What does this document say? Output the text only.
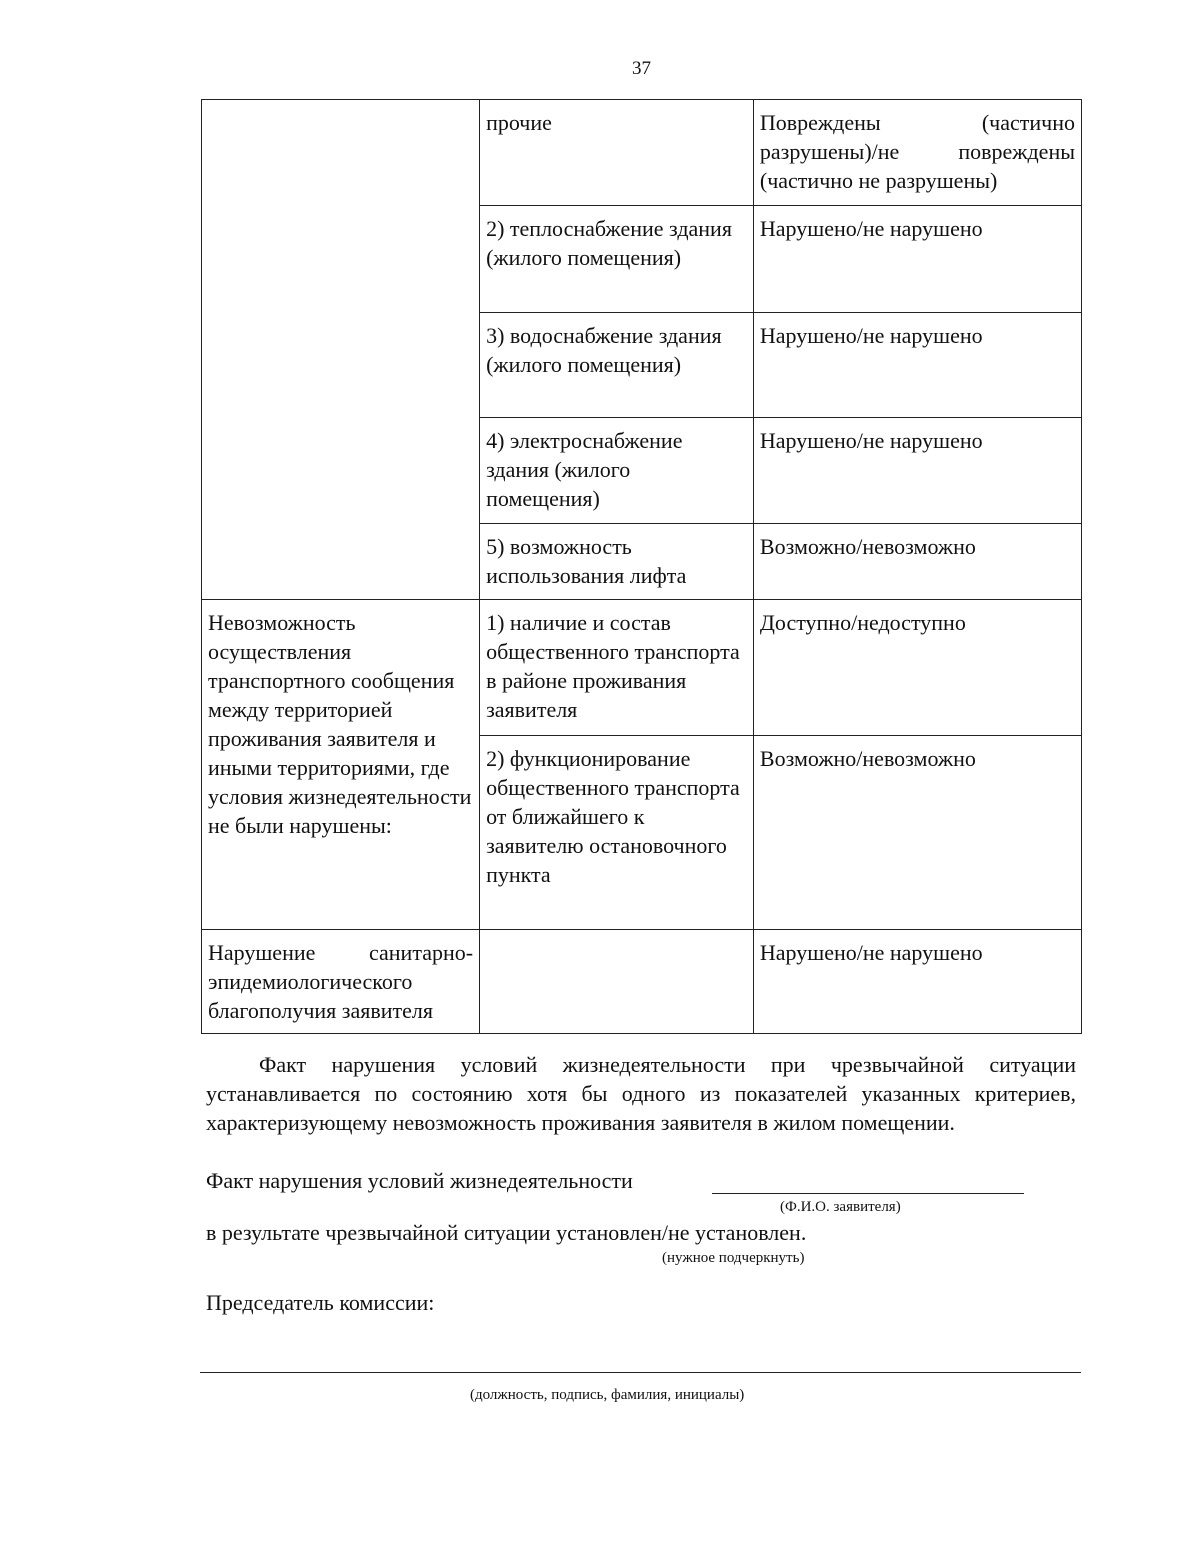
37
	прочие	Повреждены (частично разрушены)/не повреждены (частично не разрушены)
	2) теплоснабжение здания (жилого помещения)	Нарушено/не нарушено
	3) водоснабжение здания (жилого помещения)	Нарушено/не нарушено
	4) электроснабжение здания (жилого помещения)	Нарушено/не нарушено
	5) возможность использования лифта	Возможно/невозможно
Невозможность осуществления транспортного сообщения между территорией проживания заявителя и иными территориями, где условия жизнедеятельности не были нарушены:	1) наличие и состав общественного транспорта в районе проживания заявителя	Доступно/недоступно
	2) функционирование общественного транспорта от ближайшего к заявителю остановочного пункта	Возможно/невозможно
Нарушение санитарно-эпидемиологического благополучия заявителя		Нарушено/не нарушено
Факт нарушения условий жизнедеятельности при чрезвычайной ситуации устанавливается по состоянию хотя бы одного из показателей указанных критериев, характеризующему невозможность проживания заявителя в жилом помещении.
Факт нарушения условий жизнедеятельности
(Ф.И.О. заявителя)
в результате чрезвычайной ситуации установлен/не установлен.
(нужное подчеркнуть)
Председатель комиссии:
(должность, подпись, фамилия, инициалы)
